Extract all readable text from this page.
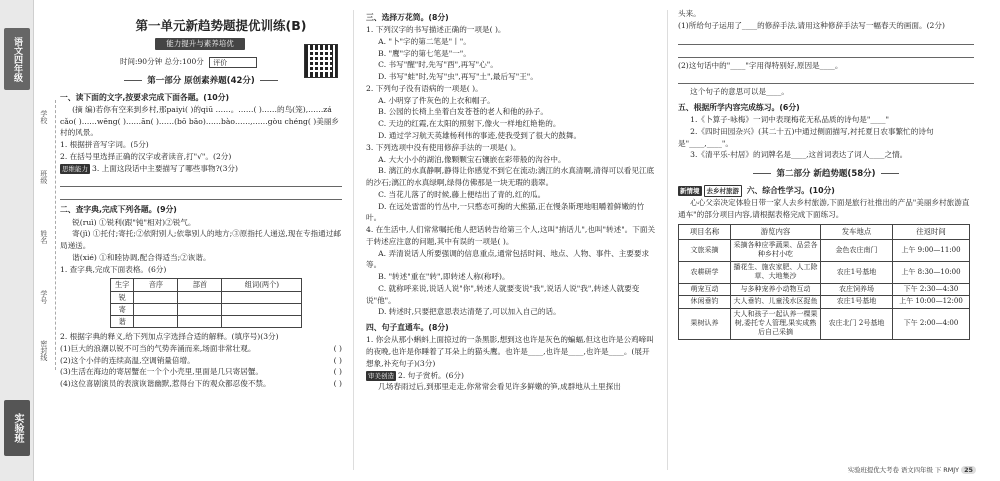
语文四年级
实验班
学校
班级
姓名
学号
密封线
第一单元新趋势题提优训练(B)
能力提升与素养培优
时间:90分钟 总分:100分 评价
第一部分 原创素养题(42分)
一、读下面的文字,按要求完成下面各题。(10分)

(摘 编)若你有空来到乡村,那paiyi( )的qiū ……。……( )……的鸟(笼),……zá cǎo( )……wēng( )……ān( )……(bō bāo)……bào……,……gòu chéng( )美丽乡村的风景。

1. 根据拼音写字词。(5分)

2. 在括号里选择正确的汉字或者读音,打"√"。(2分)

思维能力 3. 上面这段话中主要描写了哪些事物?(3分)

二、查字典,完成下列各题。(9分)

锐(ruì) ①锐利(跟"钝"相对)②锐气。

寄(jì) ①托付;寄托;②依附别人;依靠别人的地方;③原指托人递送,现在专指通过邮局递送。

谐(xié) ①和睦协调,配合得适当;②诙谐。

1. 查字典,完成下面表格。(6分)

生字	音序	部首	组词(两个)
锐			
寄			
谐			

2. 根据字典的释义,给下列加点字选择合适的解释。(填序号)(3分)

(1)巨大的浪潮以锐不可当的气势奔涌而来,场面非常壮观。	( )

(2)这个小伴的连续高温,空调销量倍增。	( )

(3)生活在海边的寄居蟹在一个个小壳里,里面是几只寄居蟹。	( )

(4)这位喜剧演员的表演诙谐幽默,惹得台下的观众都忍俊不禁。	( )

三、选择万花筒。(8分)

1. 下列汉字的书写描述正确的一项是( )。

A. "卜"字的第二笔是"丨"。

B. "鹰"字的第七笔是"一"。

C. 书写"醒"时,先写"酉",再写"心"。

D. 书写"蛙"时,先写"虫",再写"土",最后写"王"。

2. 下列句子没有语病的一项是( )。

A. 小明穿了件灰色的上衣和帽子。

B. 公园的长椅上坐着白发苍苍的老人和他的孙子。

C. 天边的红霞,在太阳的照射下,像火一样地红艳艳的。

D. 通过学习航天英雄杨利伟的事迹,使我受到了很大的鼓舞。

3. 下列选项中没有使用修辞手法的一项是( )。

A. 大大小小的湖泊,像颗颗宝石镶嵌在彩带般的沟谷中。

B. 漓江的水真静啊,静得让你感觉不到它在流动;漓江的水真清啊,清得可以看见江底的沙石;漓江的水真绿啊,绿得仿佛那是一块无瑕的翡翠。

C. 当花儿落了的时候,藤上便结出了青的,红的瓜。

D. 在远处雷雷的竹丛中,一只憨态可掬的大熊猫,正在慢条斯理地咀嚼着鲜嫩的竹叶。

4. 在生活中,人们常常嘱托他人把话转告给第三个人,这叫"捎话儿",也叫"转述"。下面关于转述应注意的问题,其中有误的一项是( )。

A. 弄清说话人所要强调的信息重点,通常包括时间、地点、人物、事件、主要要求等。

B. "转述"重在"转",即转述人称(称呼)。

C. 就称呼来说,说话人说"你",转述人就要变说"我",说话人说"我",转述人就要变说"他"。

D. 转述时,只要把意思表达清楚了,可以加入自己的话。

四、句子直通车。(8分)

1. 你会从那小蝌蚪上面掠过的一条黑影,想到这也许是灰色的蝙蝠,但这也许是公鸡啼叫的夜晚,也许是你睡着了耳朵上的猫头鹰。也许是____,也许是____,也许是____。(展开想象,补充句子)(3分)

审美创造 2. 句子赏析。(6分)

几场春雨过后,到那里走走,你常常会看见许多鲜嫩的笋,成群地从土里探出

头来。

(1)所给句子运用了____的修辞手法,请用这种修辞手法写一幅春天的画面。(2分)

(2)这句话中的"____"字用得特别好,原因是____。

这个句子的意思可以是____。

五、根据所学内容完成练习。(6分)

1.《卜算子·咏梅》一词中表现梅花无私品质的诗句是"____"

2.《四时田园杂兴》(其二十五)中通过侧面描写,衬托夏日农事繁忙的诗句是"____,____"。

3.《清平乐·村居》的词牌名是____,这首词表达了词人____之情。

第二部分 新趋势题(58分)
新情境 去乡村旅游 六、综合性学习。(10分)

心心父亲决定体验日带一家人去乡村旅游,下面是旅行社推出的产品"美丽乡村旅游直通车"的部分项目内容,请根据表格完成下面练习。

项目名称	游览内容	发车地点	往返时间
文旅采摘	采摘各种应季蔬果、品尝各种乡村小吃	金色农庄南门	上午 9:00—11:00
农耕研学	播花生、施农家肥、人工除草、大地集沙	农庄1号基地	上午 8:30—10:00
萌宠互动	与多种宠养小动物互动	农庄饲养场	下午 2:30—4:30
休闲垂钓	大人垂钓、儿童浅水区捉鱼	农庄1号基地	上午 10:00—12:00
果树认养	大人和孩子一起认养一棵果树,委托专人管理,果实成熟后自己采摘	农庄北门 2号基地	下午 2:00—4:00
实验班提优大考卷 语文四年级 下 RMJY 25
